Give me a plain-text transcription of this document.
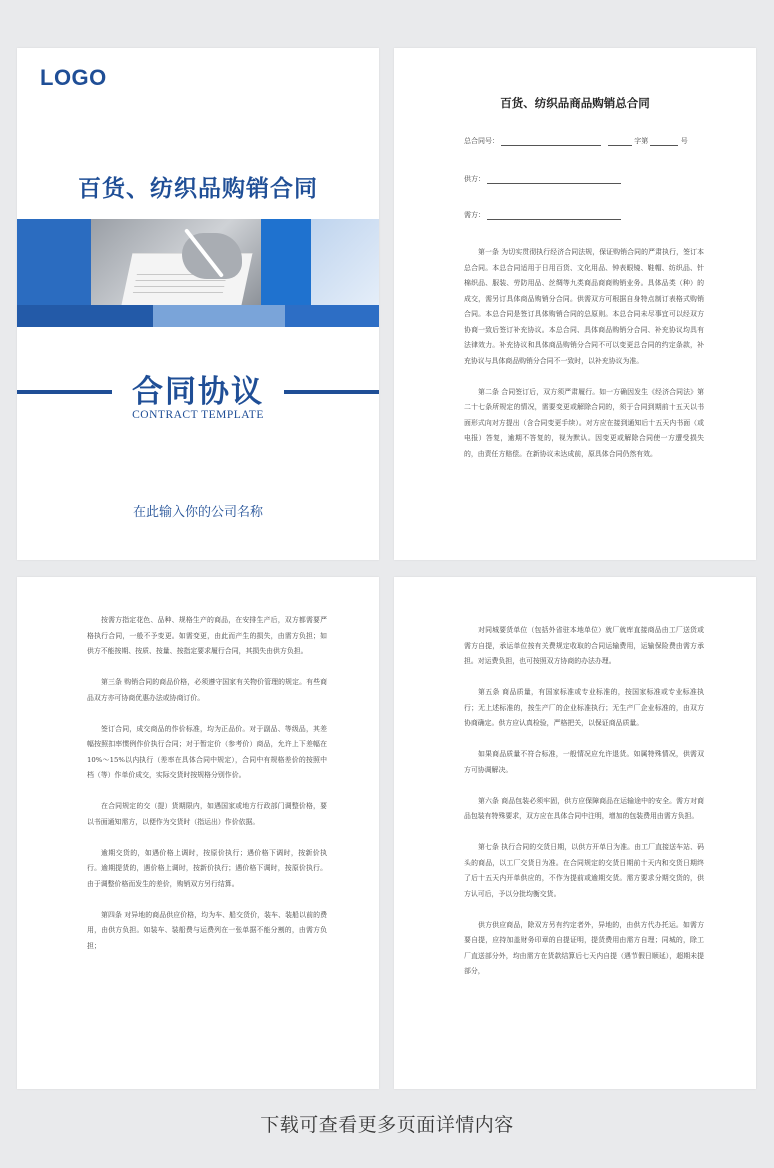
LOGO
百货、纺织品购销合同
合同协议
CONTRACT TEMPLATE
在此输入你的公司名称
百货、纺织品商品购销总合同
总合同号：	字第	号
供方：
需方：

第一条 为切实贯彻执行经济合同法规，保证购销合同的严肃执行，签订本总合同。本总合同适用于日用百货、文化用品、钟表眼镜、鞋帽、纺织品、针棉织品、服装、劳防用品、丝绸等九类商品商商购销业务。具体品类（种）的成交，需另订具体商品购销分合同。供需双方可根据自身特点制订表格式购销合同。本总合同是签订具体购销合同的总原则。本总合同未尽事宜可以经双方协商一致后签订补充协议。本总合同、具体商品购销分合同、补充协议均具有法律效力。补充协议和具体商品购销分合同不可以变更总合同的约定条款，补充协议与具体商品购销分合同不一致时，以补充协议为准。

第二条 合同签订后，双方须严肃履行。如一方确因发生《经济合同法》第二十七条所规定的情况，需要变更或解除合同的，须于合同到期前十五天以书面形式向对方提出（含合同变更手续）。对方应在接到通知后十五天内书面（或电报）答复，逾期不答复的，视为默认。因变更或解除合同使一方遭受损失的，由责任方赔偿。在新协议未达成前，原具体合同仍然有效。

按需方指定花色、品种、规格生产的商品，在安排生产后，双方都需要严格执行合同，一般不予变更。如需变更，由此而产生的损失，由需方负担；如供方不能按期、按质、按量、按指定要求履行合同，其损失由供方负担。

第三条 购销合同的商品价格，必须遵守国家有关物价管理的规定。有些商品双方亦可协商优惠办法或协商订价。

签订合同，成交商品的作价标准，均为正品价。对于副品、等级品，其差幅按照扣率惯例作价执行合同；对于暂定价（参考价）商品，允许上下差幅在10%～15%以内执行（差率在具体合同中规定），合同中有规格差价的按照中档（等）作单价成交，实际交货时按规格分别作价。

在合同规定的交（提）货期限内，如遇国家或地方行政部门调整价格，要以书面通知需方，以便作为交货时（指运出）作价依据。

逾期交货的，如遇价格上调时，按原价执行；遇价格下调时，按新价执行。逾期提货的，遇价格上调时，按新价执行；遇价格下调时，按原价执行。由于调整价格而发生的差价，购销双方另行结算。

第四条 对异地的商品供应价格，均为车、船交货价，装车、装船以前的费用，由供方负担。如装车、装船费与运费列在一张单据不能分割的，由需方负担；

对同城要货单位（包括外省驻本地单位）就厂就库直接商品由工厂送货或需方自提，承运单位按有关费规定收取的合同运输费用，运输保险费由需方承担。对运费负担，也可按照双方协商的办法办理。

第五条 商品质量，有国家标准或专业标准的，按国家标准或专业标准执行；无上述标准的，按生产厂的企业标准执行；无生产厂企业标准的，由双方协商确定。供方应认真检验，严格把关，以保证商品质量。

如果商品质量不符合标准，一般情况应允许退货。如属特殊情况，供需双方可协调解决。

第六条 商品包装必须牢固，供方应保障商品在运输途中的安全。需方对商品包装有特殊要求，双方应在具体合同中注明，增加的包装费用由需方负担。

第七条 执行合同的交货日期，以供方开单日为准。由工厂直接送车站、码头的商品，以工厂交货日为准。在合同规定的交货日期前十天内和交货日期终了后十五天内开单供应的，不作为提前或逾期交货。需方要求分期交货的，供方认可后，予以分批均衡交货。

供方供应商品，除双方另有约定者外，异地的，由供方代办托运。如需方要自提，应持加盖财务印章的自提证明，提货费用由需方自理；同城的，除工厂直送部分外，均由需方在货款结算后七天内自提（遇节假日顺延），超期未提部分，

下载可查看更多页面详情内容
